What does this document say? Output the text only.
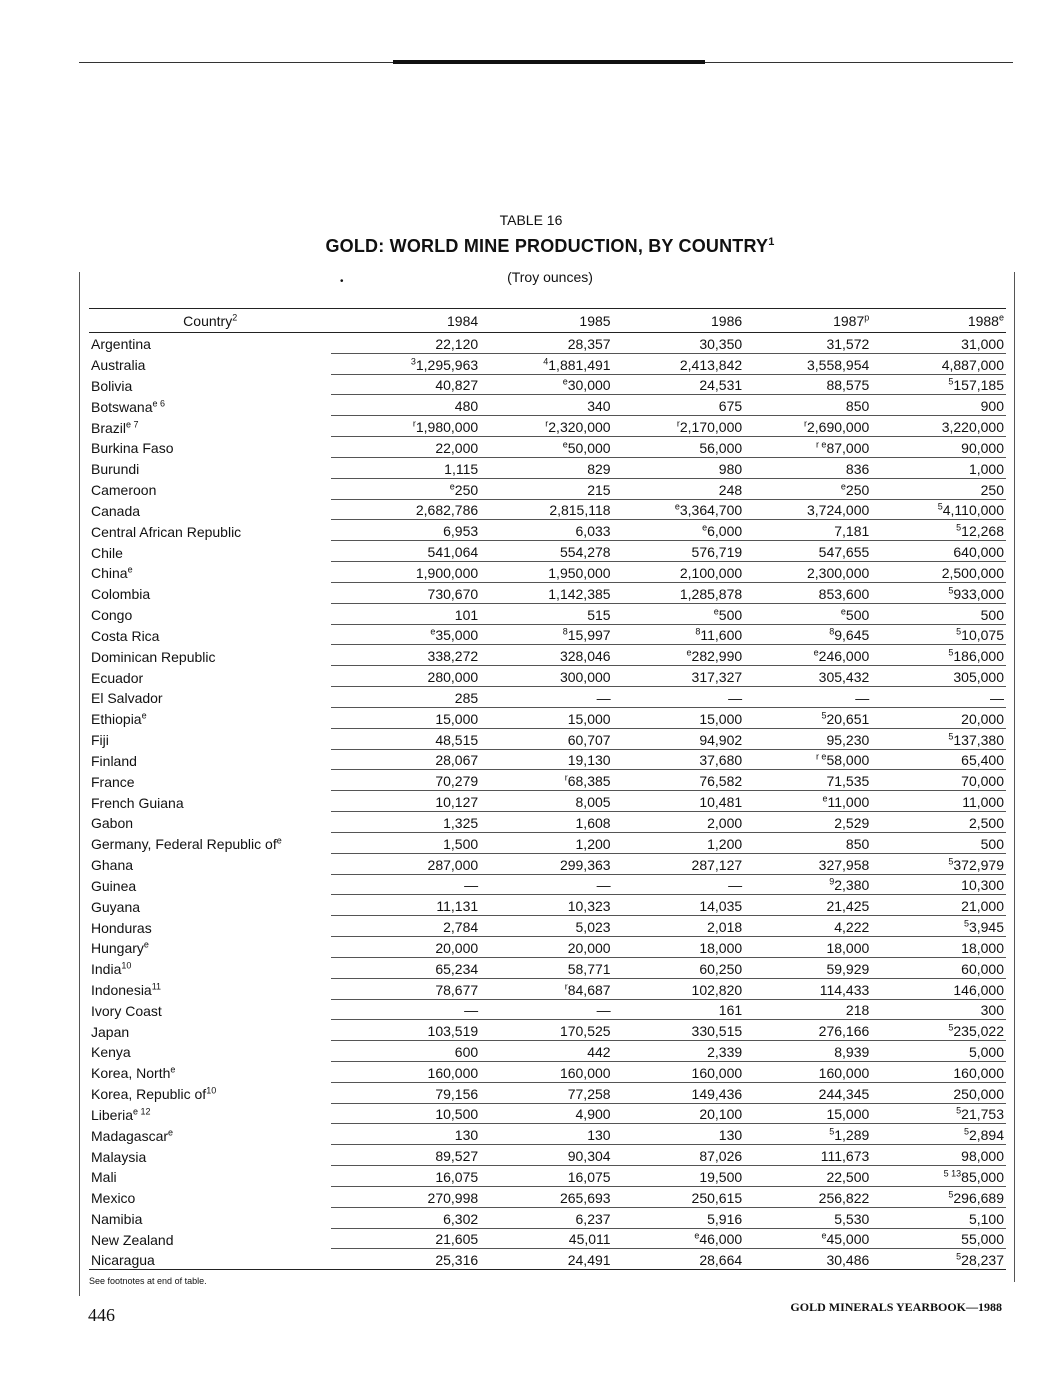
TABLE 16
GOLD: WORLD MINE PRODUCTION, BY COUNTRY$^1$
(Troy ounces)
•
Country$^2$	1984	1985	1986	1987$^p$	1988e
Argentina	22,120	28,357	30,350	31,572	31,000
Australia	$^3$1,295,963	$^4$1,881,491	2,413,842	3,558,954	4,887,000
Bolivia	40,827	$^e$30,000	24,531	88,575	$^5$157,185
Botswana$^{e 6}$	480	340	675	850	900
Brazil$^{e 7}$	$^r$1,980,000	$^r$2,320,000	$^r$2,170,000	$^r$2,690,000	3,220,000
Burkina Faso	22,000	$^e$50,000	56,000	$^{r e}$87,000	90,000
Burundi	1,115	829	980	836	1,000
Cameroon	$^e$250	215	248	$^e$250	250
Canada	2,682,786	2,815,118	$^e$3,364,700	3,724,000	$^5$4,110,000
Central African Republic	6,953	6,033	$^e$6,000	7,181	$^5$12,268
Chile	541,064	554,278	576,719	547,655	640,000
China$^e$	1,900,000	1,950,000	2,100,000	2,300,000	2,500,000
Colombia	730,670	1,142,385	1,285,878	853,600	$^5$933,000
Congo	101	515	$^e$500	$^e$500	500
Costa Rica	$^e$35,000	$^8$15,997	$^8$11,600	$^8$9,645	$^5$10,075
Dominican Republic	338,272	328,046	$^e$282,990	$^e$246,000	$^5$186,000
Ecuador	280,000	300,000	317,327	305,432	305,000
El Salvador	285	—	—	—	—
Ethiopia$^e$	15,000	15,000	15,000	$^5$20,651	20,000
Fiji	48,515	60,707	94,902	95,230	$^5$137,380
Finland	28,067	19,130	37,680	$^{r e}$58,000	65,400
France	70,279	$^r$68,385	76,582	71,535	70,000
French Guiana	10,127	8,005	10,481	$^e$11,000	11,000
Gabon	1,325	1,608	2,000	2,529	2,500
Germany, Federal Republic of$^e$	1,500	1,200	1,200	850	500
Ghana	287,000	299,363	287,127	327,958	$^5$372,979
Guinea	—	—	—	$^9$2,380	10,300
Guyana	11,131	10,323	14,035	21,425	21,000
Honduras	2,784	5,023	2,018	4,222	$^5$3,945
Hungary$^e$	20,000	20,000	18,000	18,000	18,000
India$^{10}$	65,234	58,771	60,250	59,929	60,000
Indonesia$^{11}$	78,677	$^r$84,687	102,820	114,433	146,000
Ivory Coast	—	—	161	218	300
Japan	103,519	170,525	330,515	276,166	$^5$235,022
Kenya	600	442	2,339	8,939	5,000
Korea, North$^e$	160,000	160,000	160,000	160,000	160,000
Korea, Republic of$^{10}$	79,156	77,258	149,436	244,345	250,000
Liberia$^{e 12}$	10,500	4,900	20,100	15,000	$^5$21,753
Madagascar$^e$	130	130	130	$^5$1,289	$^5$2,894
Malaysia	89,527	90,304	87,026	111,673	98,000
Mali	16,075	16,075	19,500	22,500	$^{5 13}$85,000
Mexico	270,998	265,693	250,615	256,822	$^5$296,689
Namibia	6,302	6,237	5,916	5,530	5,100
New Zealand	21,605	45,011	$^e$46,000	$^e$45,000	55,000
Nicaragua	25,316	24,491	28,664	30,486	$^5$28,237
See footnotes at end of table.
446	GOLD MINERALS YEARBOOK—1988
